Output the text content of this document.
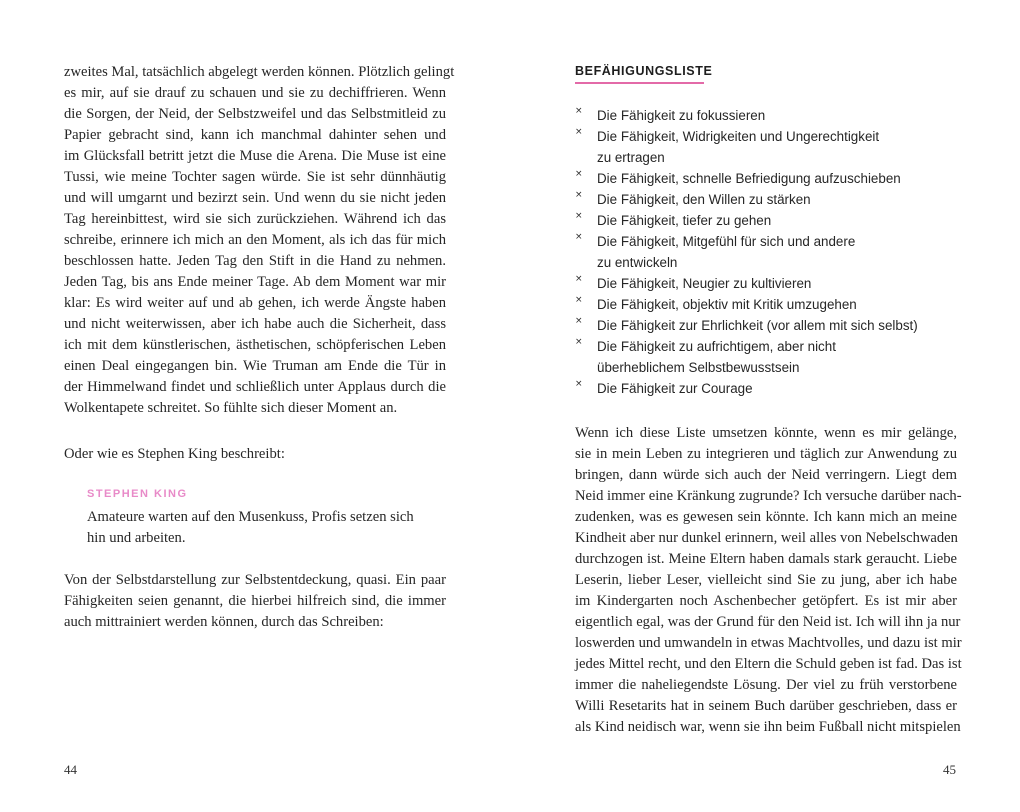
STEPHEN KING
BEFÄHIGUNGSLISTE
44	45
zweites Mal, tatsächlich abgelegt werden können. Plötzlich gelingt
es mir, auf sie drauf zu schauen und sie zu dechiffrieren. Wenn
die Sorgen, der Neid, der Selbstzweifel und das Selbstmitleid zu
Papier gebracht sind, kann ich manchmal dahinter sehen und
im Glücksfall betritt jetzt die Muse die Arena. Die Muse ist eine
Tussi, wie meine Tochter sagen würde. Sie ist sehr dünnhäutig
und will umgarnt und bezirzt sein. Und wenn du sie nicht jeden
Tag hereinbittest, wird sie sich zurückziehen. Während ich das
schreibe, erinnere ich mich an den Moment, als ich das für mich
beschlossen hatte. Jeden Tag den Stift in die Hand zu nehmen.
Jeden Tag, bis ans Ende meiner Tage. Ab dem Moment war mir
klar: Es wird weiter auf und ab gehen, ich werde Ängste haben
und nicht weiterwissen, aber ich habe auch die Sicherheit, dass
ich mit dem künstlerischen, ästhetischen, schöpferischen Leben
einen Deal eingegangen bin. Wie Truman am Ende die Tür in
der Himmelwand findet und schließlich unter Applaus durch die
Wolkentapete schreitet. So fühlte sich dieser Moment an.
Oder wie es Stephen King beschreibt:
Amateure warten auf den Musenkuss, Profis setzen sich
hin und arbeiten.
Von der Selbstdarstellung zur Selbstentdeckung, quasi. Ein paar
Fähigkeiten seien genannt, die hierbei hilfreich sind, die immer
auch mittrainiert werden können, durch das Schreiben:
× Die Fähigkeit zu fokussieren
× Die Fähigkeit, Widrigkeiten und Ungerechtigkeit
zu ertragen
× Die Fähigkeit, schnelle Befriedigung aufzuschieben
× Die Fähigkeit, den Willen zu stärken
× Die Fähigkeit, tiefer zu gehen
× Die Fähigkeit, Mitgefühl für sich und andere
zu entwickeln
× Die Fähigkeit, Neugier zu kultivieren
× Die Fähigkeit, objektiv mit Kritik umzugehen
× Die Fähigkeit zur Ehrlichkeit (vor allem mit sich selbst)
× Die Fähigkeit zu aufrichtigem, aber nicht
überheblichem Selbstbewusstsein
× Die Fähigkeit zur Courage
Wenn ich diese Liste umsetzen könnte, wenn es mir gelänge,
sie in mein Leben zu integrieren und täglich zur Anwendung zu
bringen, dann würde sich auch der Neid verringern. Liegt dem
Neid immer eine Kränkung zugrunde? Ich versuche darüber nach-
zudenken, was es gewesen sein könnte. Ich kann mich an meine
Kindheit aber nur dunkel erinnern, weil alles von Nebelschwaden
durchzogen ist. Meine Eltern haben damals stark geraucht. Liebe
Leserin, lieber Leser, vielleicht sind Sie zu jung, aber ich habe
im Kindergarten noch Aschenbecher getöpfert. Es ist mir aber
eigentlich egal, was der Grund für den Neid ist. Ich will ihn ja nur
loswerden und umwandeln in etwas Machtvolles, und dazu ist mir
jedes Mittel recht, und den Eltern die Schuld geben ist fad. Das ist
immer die naheliegendste Lösung. Der viel zu früh verstorbene
Willi Resetarits hat in seinem Buch darüber geschrieben, dass er
als Kind neidisch war, wenn sie ihn beim Fußball nicht mitspielen
